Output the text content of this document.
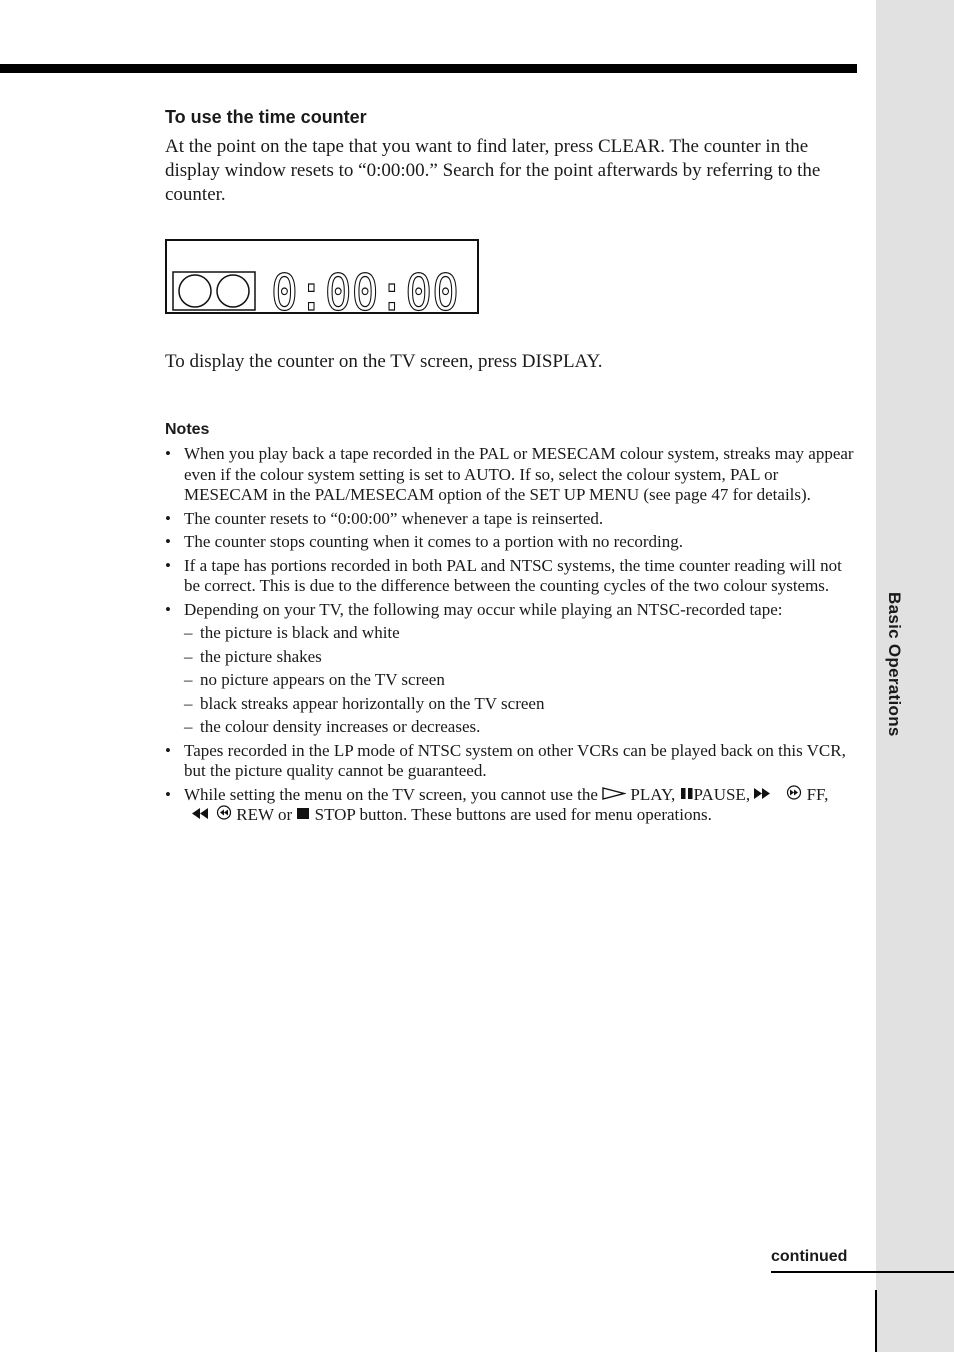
Basic Operations
To use the time counter

At the point on the tape that you want to find later, press CLEAR. The counter in the display window resets to “0:00:00.” Search for the point afterwards by referring to the counter.

0:00:00

To display the counter on the TV screen, press DISPLAY.

Notes
• When you play back a tape recorded in the PAL or MESECAM colour system, streaks may appear even if the colour system setting is set to AUTO. If so, select the colour system, PAL or MESECAM in the PAL/MESECAM option of the SET UP MENU (see page 47 for details).
• The counter resets to “0:00:00” whenever a tape is reinserted.
• The counter stops counting when it comes to a portion with no recording.
• If a tape has portions recorded in both PAL and NTSC systems, the time counter reading will not be correct. This is due to the difference between the counting cycles of the two colour systems.
• Depending on your TV, the following may occur while playing an NTSC-recorded tape:
– the picture is black and white
– the picture shakes
– no picture appears on the TV screen
– black streaks appear horizontally on the TV screen
– the colour density increases or decreases.
• Tapes recorded in the LP mode of NTSC system on other VCRs can be played back on this VCR, but the picture quality cannot be guaranteed.
• While setting the menu on the TV screen, you cannot use the PLAY, PAUSE,	FF,  REW or STOP button. These buttons are used for menu operations.
continued
